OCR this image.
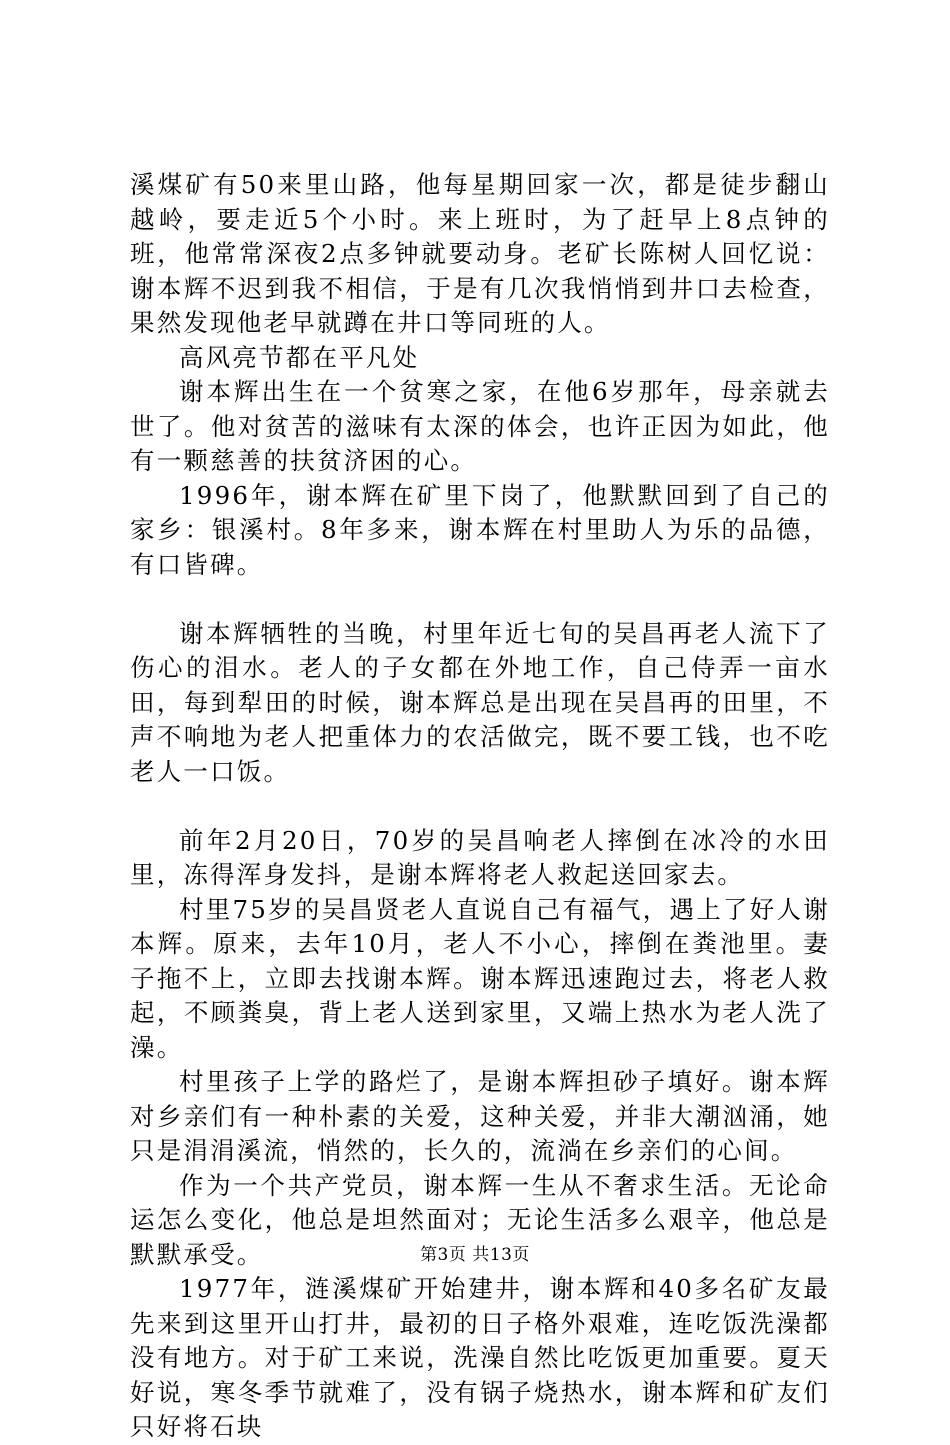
溪煤矿有50来里山路，他每星期回家一次，都是徒步翻山越岭，要走近5个小时。来上班时，为了赶早上8点钟的班，他常常深夜2点多钟就要动身。老矿长陈树人回忆说：谢本辉不迟到我不相信，于是有几次我悄悄到井口去检查，果然发现他老早就蹲在井口等同班的人。

高风亮节都在平凡处

谢本辉出生在一个贫寒之家，在他6岁那年，母亲就去世了。他对贫苦的滋味有太深的体会，也许正因为如此，他有一颗慈善的扶贫济困的心。

1996年，谢本辉在矿里下岗了，他默默回到了自己的家乡：银溪村。8年多来，谢本辉在村里助人为乐的品德，有口皆碑。

谢本辉牺牲的当晚，村里年近七旬的吴昌再老人流下了伤心的泪水。老人的子女都在外地工作，自己侍弄一亩水田，每到犁田的时候，谢本辉总是出现在吴昌再的田里，不声不响地为老人把重体力的农活做完，既不要工钱，也不吃老人一口饭。

前年2月20日，70岁的吴昌响老人摔倒在冰冷的水田里，冻得浑身发抖，是谢本辉将老人救起送回家去。

村里75岁的吴昌贤老人直说自己有福气，遇上了好人谢本辉。原来，去年10月，老人不小心，摔倒在粪池里。妻子拖不上，立即去找谢本辉。谢本辉迅速跑过去，将老人救起，不顾粪臭，背上老人送到家里，又端上热水为老人洗了澡。

村里孩子上学的路烂了，是谢本辉担砂子填好。谢本辉对乡亲们有一种朴素的关爱，这种关爱，并非大潮汹涌，她只是涓涓溪流，悄然的，长久的，流淌在乡亲们的心间。

作为一个共产党员，谢本辉一生从不奢求生活。无论命运怎么变化，他总是坦然面对；无论生活多么艰辛，他总是默默承受。

1977年，涟溪煤矿开始建井，谢本辉和40多名矿友最先来到这里开山打井，最初的日子格外艰难，连吃饭洗澡都没有地方。对于矿工来说，洗澡自然比吃饭更加重要。夏天好说，寒冬季节就难了，没有锅子烧热水，谢本辉和矿友们只好将石块

第3页 共13页
